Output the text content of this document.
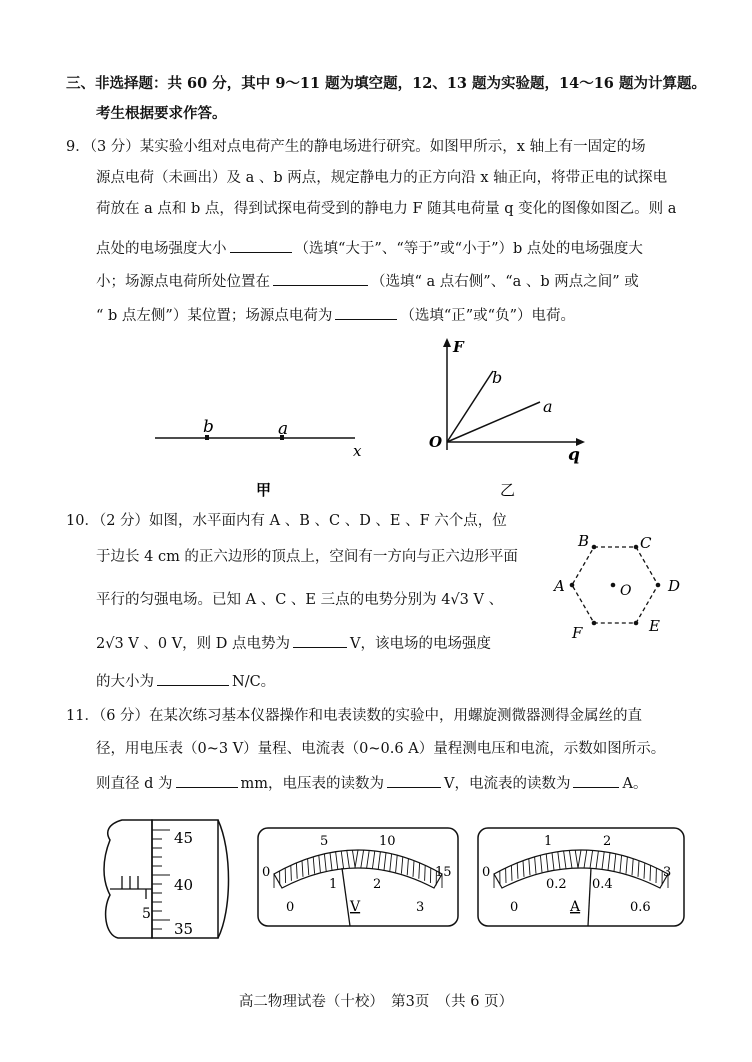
三、非选择题：共 60 分，其中 9～11 题为填空题，12、13 题为实验题，14～16 题为计算题。
考生根据要求作答。
9．（3 分）某实验小组对点电荷产生的静电场进行研究。如图甲所示，x 轴上有一固定的场
源点电荷（未画出）及 a 、b 两点，规定静电力的正方向沿 x 轴正向，将带正电的试探电
荷放在 a 点和 b 点，得到试探电荷受到的静电力 F 随其电荷量 q 变化的图像如图乙。则 a
点处的电场强度大小	（选填“大于”、“等于”或“小于”）b 点处的电场强度大
小；场源点电荷所处位置在	（选填“ a 点右侧”、“a 、b 两点之间” 或
“ b 点左侧”）某位置；场源点电荷为	（选填“正”或“负”）电荷。
b	a
x
甲
F
O
q
b
a
乙
10．（2 分）如图，水平面内有 A 、B 、C 、D 、E 、F 六个点，位
于边长 4 cm 的正六边形的顶点上，空间有一方向与正六边形平面
平行的匀强电场。已知 A 、C 、E 三点的电势分别为 4√3 V 、
2√3 V 、0 V，则 D 点电势为	V，该电场的电场强度
的大小为	N/C。
B	C
D
E
F
A	O
11．（6 分）在某次练习基本仪器操作和电表读数的实验中，用螺旋测微器测得金属丝的直
径，用电压表（0~3 V）量程、电流表（0~0.6 A）量程测电压和电流，示数如图所示。
则直径 d 为	mm，电压表的读数为	V，电流表的读数为	A。
45
40
35
5
0
5	10
15
0
1	2
3
V
0
1	2
3
0
0.2 0.4
0.6
A
高二物理试卷（十校）　第3页　（共 6 页）
